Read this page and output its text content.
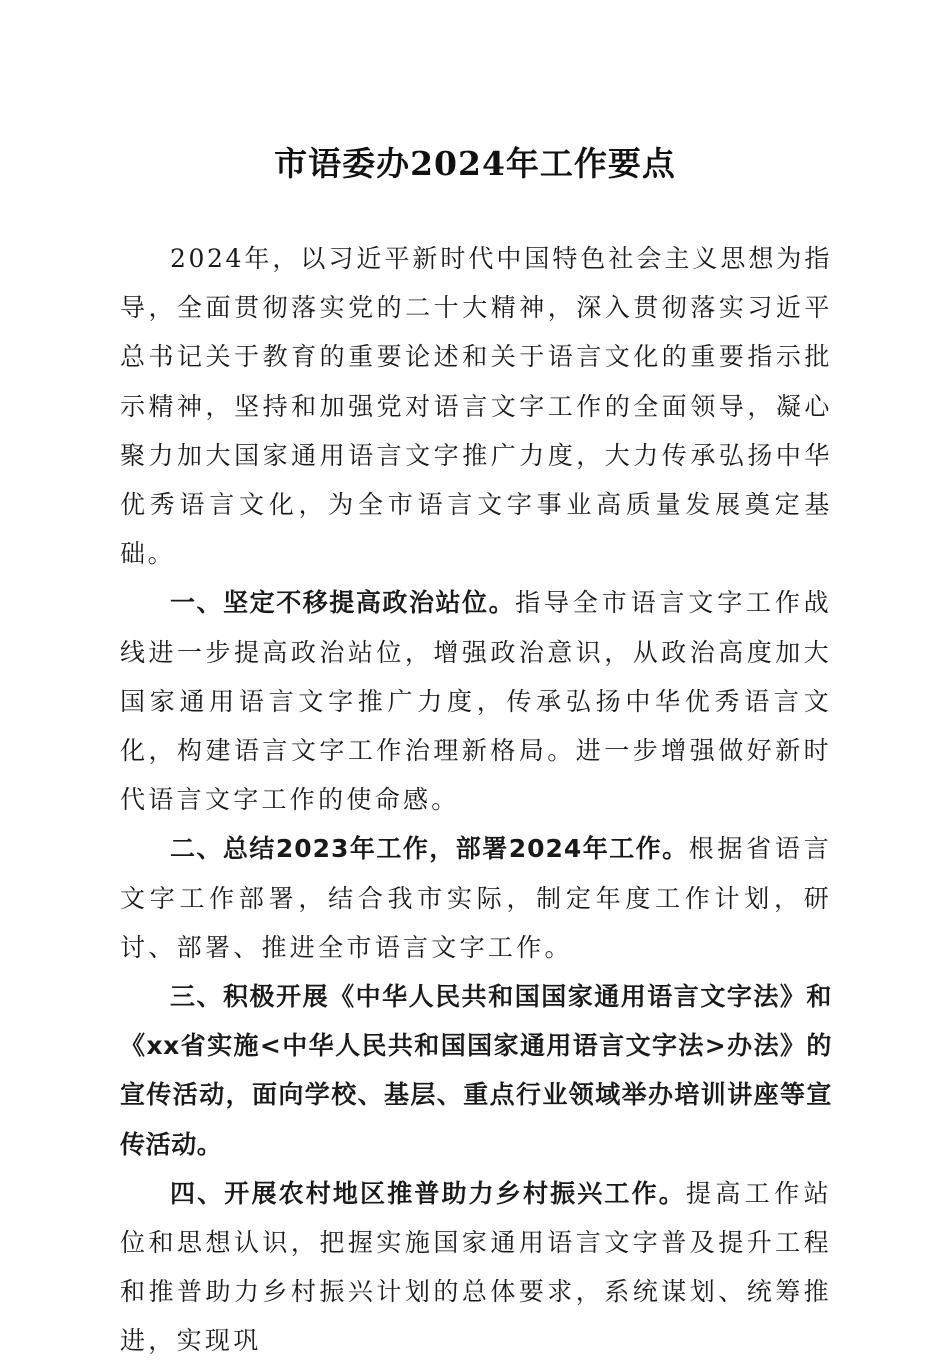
市语委办2024年工作要点

2024年，以习近平新时代中国特色社会主义思想为指导，全面贯彻落实党的二十大精神，深入贯彻落实习近平总书记关于教育的重要论述和关于语言文化的重要指示批示精神，坚持和加强党对语言文字工作的全面领导，凝心聚力加大国家通用语言文字推广力度，大力传承弘扬中华优秀语言文化，为全市语言文字事业高质量发展奠定基础。

一、坚定不移提高政治站位。指导全市语言文字工作战线进一步提高政治站位，增强政治意识，从政治高度加大国家通用语言文字推广力度，传承弘扬中华优秀语言文化，构建语言文字工作治理新格局。进一步增强做好新时代语言文字工作的使命感。

二、总结2023年工作，部署2024年工作。根据省语言文字工作部署，结合我市实际，制定年度工作计划，研讨、部署、推进全市语言文字工作。

三、积极开展《中华人民共和国国家通用语言文字法》和《xx省实施<中华人民共和国国家通用语言文字法>办法》的宣传活动，面向学校、基层、重点行业领域举办培训讲座等宣传活动。

四、开展农村地区推普助力乡村振兴工作。提高工作站位和思想认识，把握实施国家通用语言文字普及提升工程和推普助力乡村振兴计划的总体要求，系统谋划、统筹推进，实现巩
